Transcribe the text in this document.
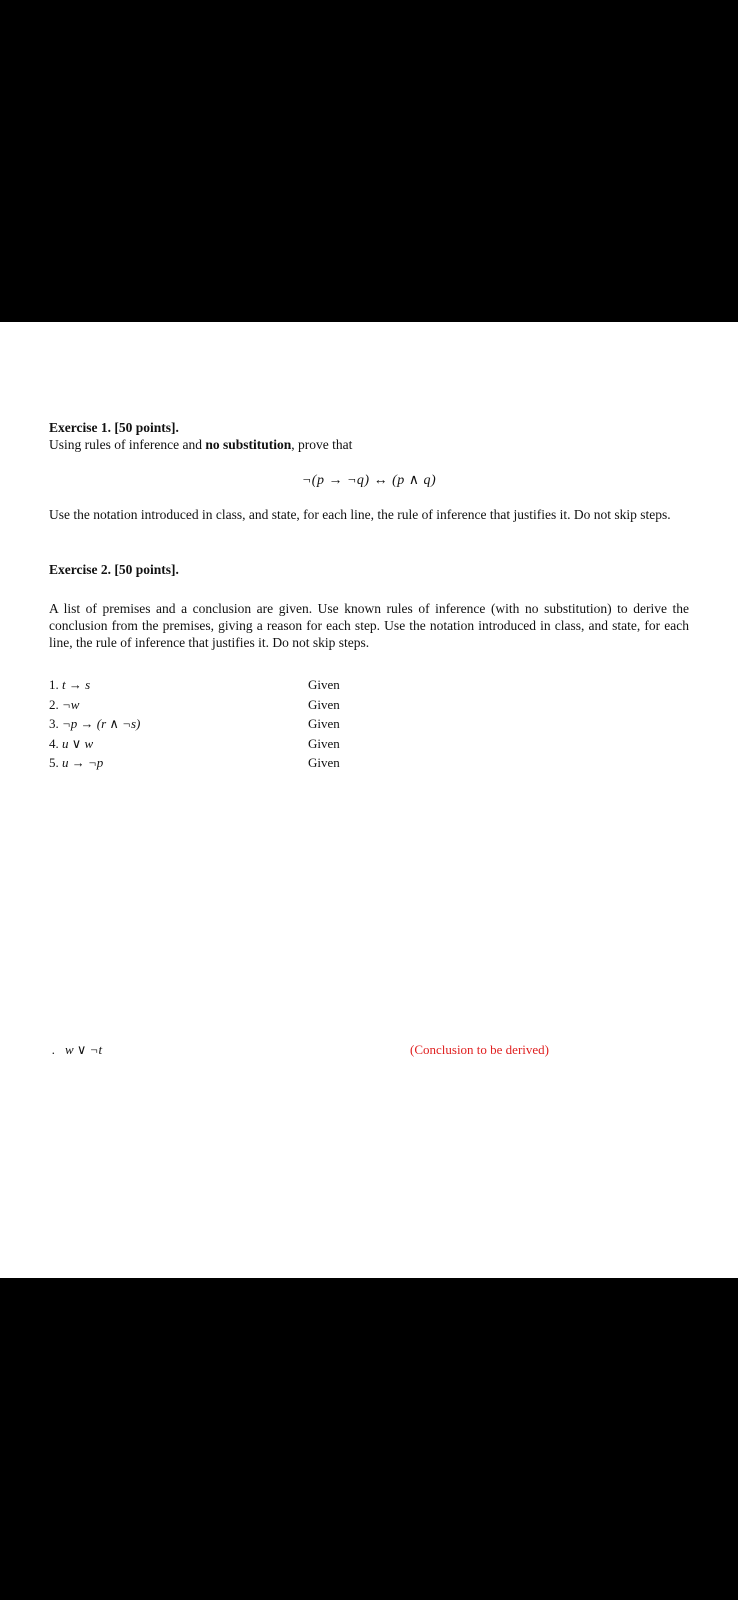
Exercise 1. [50 points].
Using rules of inference and no substitution, prove that
¬(p → ¬q) ↔ (p ∧ q)
Use the notation introduced in class, and state, for each line, the rule of inference that justifies it. Do not skip steps.
Exercise 2. [50 points].
A list of premises and a conclusion are given. Use known rules of inference (with no substitution) to derive the conclusion from the premises, giving a reason for each step. Use the notation introduced in class, and state, for each line, the rule of inference that justifies it. Do not skip steps.
1. t → s	Given
2. ¬w	Given
3. ¬p → (r ∧ ¬s)	Given
4. u ∨ w	Given
5. u → ¬p	Given
. w ∨ ¬t	(Conclusion to be derived)
